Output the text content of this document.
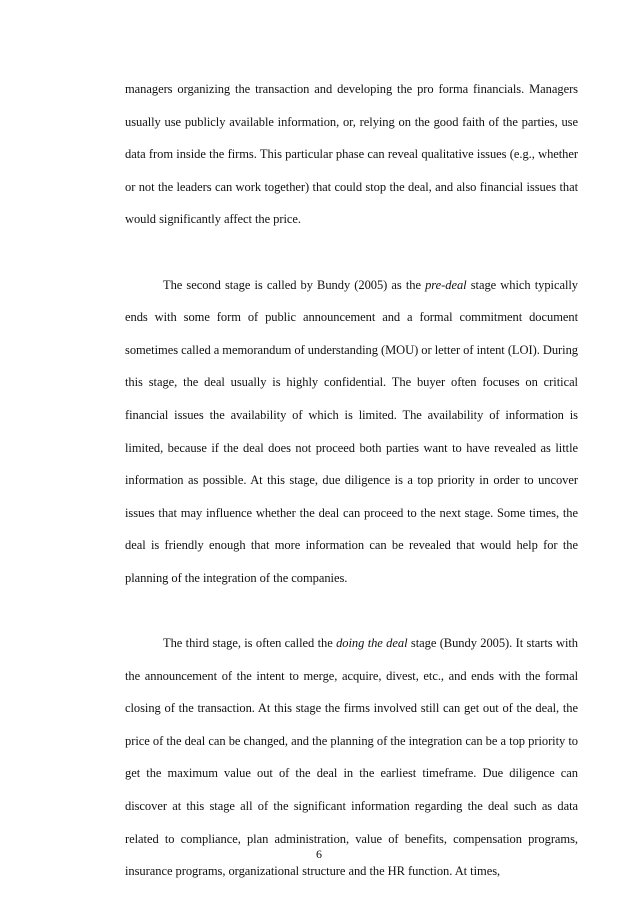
managers organizing the transaction and developing the pro forma financials. Managers usually use publicly available information, or, relying on the good faith of the parties, use data from inside the firms. This particular phase can reveal qualitative issues (e.g., whether or not the leaders can work together) that could stop the deal, and also financial issues that would significantly affect the price.

The second stage is called by Bundy (2005) as the pre-deal stage which typically ends with some form of public announcement and a formal commitment document sometimes called a memorandum of understanding (MOU) or letter of intent (LOI). During this stage, the deal usually is highly confidential. The buyer often focuses on critical financial issues the availability of which is limited. The availability of information is limited, because if the deal does not proceed both parties want to have revealed as little information as possible. At this stage, due diligence is a top priority in order to uncover issues that may influence whether the deal can proceed to the next stage. Some times, the deal is friendly enough that more information can be revealed that would help for the planning of the integration of the companies.

The third stage, is often called the doing the deal stage (Bundy 2005). It starts with the announcement of the intent to merge, acquire, divest, etc., and ends with the formal closing of the transaction. At this stage the firms involved still can get out of the deal, the price of the deal can be changed, and the planning of the integration can be a top priority to get the maximum value out of the deal in the earliest timeframe. Due diligence can discover at this stage all of the significant information regarding the deal such as data related to compliance, plan administration, value of benefits, compensation programs, insurance programs, organizational structure and the HR function. At times,

6
